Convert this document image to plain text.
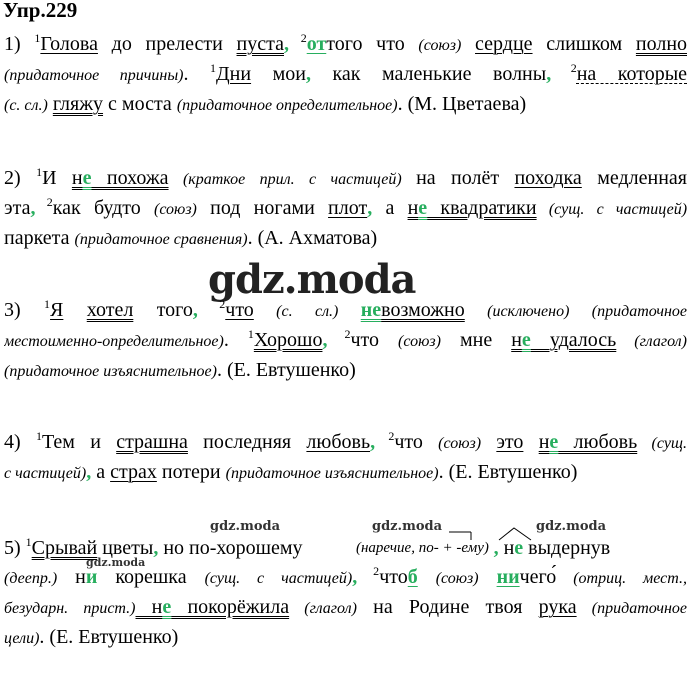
Упр.229
1) $^1$Голова до прелести пуста, $^2$оттого что (союз) сердце слишком полно
(придаточное причины). $^1$Дни мои, как маленькие волны, $^2$на которые
(с. сл.) гляжу с моста (придаточное определительное). (М. Цветаева)
2) $^1$И не похожа (краткое прил. с частицей) на полёт походка медленная
эта, $^2$как будто (союз) под ногами плот, а не квадратики (сущ. с частицей)
паркета (придаточное сравнения). (А. Ахматова)
gdz.moda
3) $^1$Я хотел того, $^2$что (с. сл.) невозможно (исключено) (придаточное
местоименно-определительное). $^1$Хорошо, $^2$что (союз) мне не удалось (глагол)
(придаточное изъяснительное). (Е. Евтушенко)
4) $^1$Тем и страшна последняя любовь, $^2$что (союз) это не любовь (сущ.
с частицей), а страх потери (придаточное изъяснительное). (Е. Евтушенко)
gdz.moda	gdz.moda	gdz.moda
gdz.moda
5) $^1$Срывай цветы, но по-хорошему	, не выдернув
(деепр.) ни корешка (сущ. с частицей), $^2$чтоб (союз) ничего́ (отриц. мест.,
безударн. прист.) не покорёжила (глагол) на Родине твоя рука (придаточное
цели). (Е. Евтушенко)
(наречие, по- + -ему)
